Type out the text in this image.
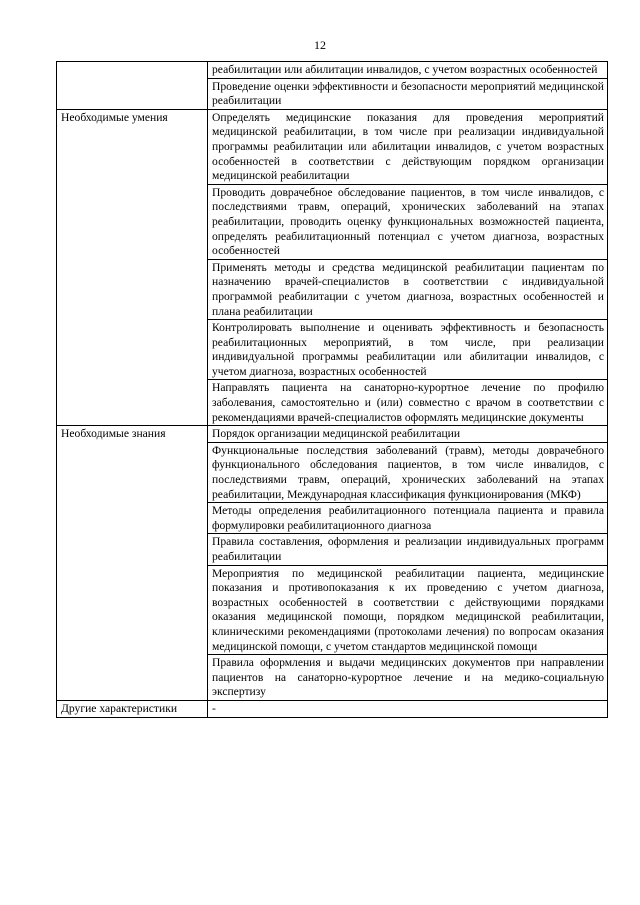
12
	реабилитации или абилитации инвалидов, с учетом возрастных особенностей
	Проведение оценки эффективности и безопасности мероприятий медицинской реабилитации
Необходимые умения	Определять медицинские показания для проведения мероприятий медицинской реабилитации, в том числе при реализации индивидуальной программы реабилитации или абилитации инвалидов, с учетом возрастных особенностей в соответствии с действующим порядком организации медицинской реабилитации
	Проводить доврачебное обследование пациентов, в том числе инвалидов, с последствиями травм, операций, хронических заболеваний на этапах реабилитации, проводить оценку функциональных возможностей пациента, определять реабилитационный потенциал с учетом диагноза, возрастных особенностей
	Применять методы и средства медицинской реабилитации пациентам по назначению врачей-специалистов в соответствии с индивидуальной программой реабилитации с учетом диагноза, возрастных особенностей и плана реабилитации
	Контролировать выполнение и оценивать эффективность и безопасность реабилитационных мероприятий, в том числе, при реализации индивидуальной программы реабилитации или абилитации инвалидов, с учетом диагноза, возрастных особенностей
	Направлять пациента на санаторно-курортное лечение по профилю заболевания, самостоятельно и (или) совместно с врачом в соответствии с рекомендациями врачей-специалистов оформлять медицинские документы
Необходимые знания	Порядок организации медицинской реабилитации
	Функциональные последствия заболеваний (травм), методы доврачебного функционального обследования пациентов, в том числе инвалидов, с последствиями травм, операций, хронических заболеваний на этапах реабилитации, Международная классификация функционирования (МКФ)
	Методы определения реабилитационного потенциала пациента и правила формулировки реабилитационного диагноза
	Правила составления, оформления и реализации индивидуальных программ реабилитации
	Мероприятия по медицинской реабилитации пациента, медицинские показания и противопоказания к их проведению с учетом диагноза, возрастных особенностей в соответствии с действующими порядками оказания медицинской помощи, порядком медицинской реабилитации, клиническими рекомендациями (протоколами лечения) по вопросам оказания медицинской помощи, с учетом стандартов медицинской помощи
	Правила оформления и выдачи медицинских документов при направлении пациентов на санаторно-курортное лечение и на медико-социальную экспертизу
Другие характеристики	-
